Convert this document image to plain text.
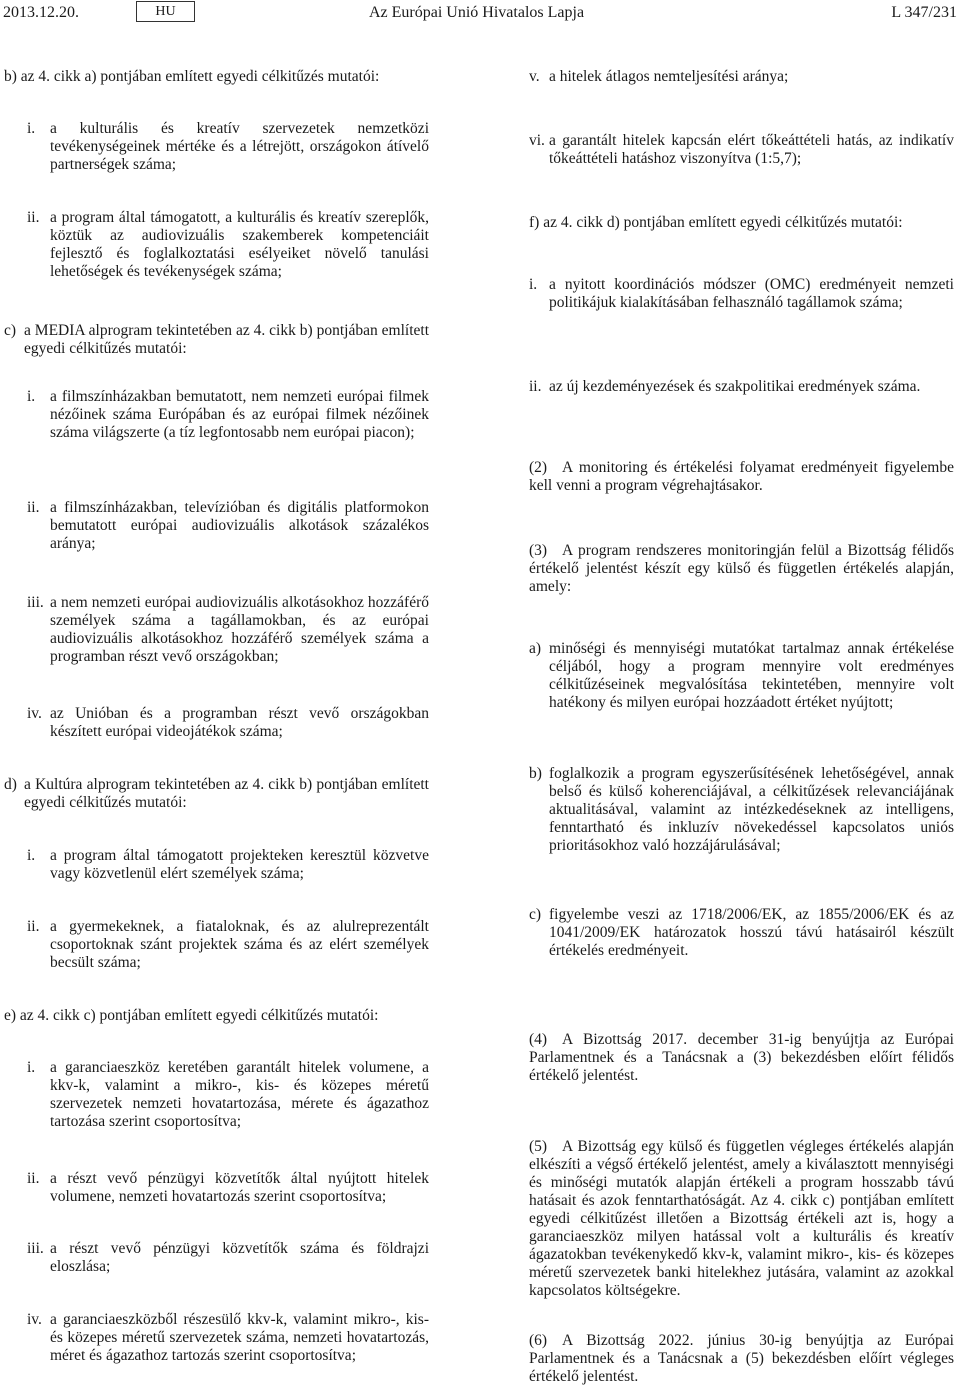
2013.12.20.	HU	Az Európai Unió Hivatalos Lapja	L 347/231
b) az 4. cikk a) pontjában említett egyedi célkitűzés mutatói:
i. a kulturális és kreatív szervezetek nemzetközi tevékenységeinek mértéke és a létrejött, országokon átívelő partnerségek száma;
ii. a program által támogatott, a kulturális és kreatív szereplők, köztük az audiovizuális szakemberek kompetenciáit fejlesztő és foglalkoztatási esélyeiket növelő tanulási lehetőségek és tevékenységek száma;
c) a MEDIA alprogram tekintetében az 4. cikk b) pontjában említett egyedi célkitűzés mutatói:
i. a filmszínházakban bemutatott, nem nemzeti európai filmek nézőinek száma Európában és az európai filmek nézőinek száma világszerte (a tíz legfontosabb nem európai piacon);
ii. a filmszínházakban, televízióban és digitális platformokon bemutatott európai audiovizuális alkotások százalékos aránya;
iii. a nem nemzeti európai audiovizuális alkotásokhoz hozzáférő személyek száma a tagállamokban, és az európai audiovizuális alkotásokhoz hozzáférő személyek száma a programban részt vevő országokban;
iv. az Unióban és a programban részt vevő országokban készített európai videojátékok száma;
d) a Kultúra alprogram tekintetében az 4. cikk b) pontjában említett egyedi célkitűzés mutatói:
i. a program által támogatott projekteken keresztül közvetve vagy közvetlenül elért személyek száma;
ii. a gyermekeknek, a fiataloknak, és az alulreprezentált csoportoknak szánt projektek száma és az elért személyek becsült száma;
e) az 4. cikk c) pontjában említett egyedi célkitűzés mutatói:
i. a garanciaeszköz keretében garantált hitelek volumene, a kkv-k, valamint a mikro-, kis- és közepes méretű szervezetek nemzeti hovatartozása, mérete és ágazathoz tartozása szerint csoportosítva;
ii. a részt vevő pénzügyi közvetítők által nyújtott hitelek volumene, nemzeti hovatartozás szerint csoportosítva;
iii. a részt vevő pénzügyi közvetítők száma és földrajzi eloszlása;
iv. a garanciaeszközből részesülő kkv-k, valamint mikro-, kis- és közepes méretű szervezetek száma, nemzeti hovatartozás, méret és ágazathoz tartozás szerint csoportosítva;
v. a hitelek átlagos nemteljesítési aránya;
vi. a garantált hitelek kapcsán elért tőkeáttételi hatás, az indikatív tőkeáttételi hatáshoz viszonyítva (1:5,7);
f) az 4. cikk d) pontjában említett egyedi célkitűzés mutatói:
i. a nyitott koordinációs módszer (OMC) eredményeit nemzeti politikájuk kialakításában felhasználó tagállamok száma;
ii. az új kezdeményezések és szakpolitikai eredmények száma.
(2) A monitoring és értékelési folyamat eredményeit figyelembe kell venni a program végrehajtásakor.
(3) A program rendszeres monitoringján felül a Bizottság félidős értékelő jelentést készít egy külső és független értékelés alapján, amely:
a) minőségi és mennyiségi mutatókat tartalmaz annak értékelése céljából, hogy a program mennyire volt eredményes célkitűzéseinek megvalósítása tekintetében, mennyire volt hatékony és milyen európai hozzáadott értéket nyújtott;
b) foglalkozik a program egyszerűsítésének lehetőségével, annak belső és külső koherenciájával, a célkitűzések relevanciájának aktualitásával, valamint az intézkedéseknek az intelligens, fenntartható és inkluzív növekedéssel kapcsolatos uniós prioritásokhoz való hozzájárulásával;
c) figyelembe veszi az 1718/2006/EK, az 1855/2006/EK és az 1041/2009/EK határozatok hosszú távú hatásairól készült értékelés eredményeit.
(4) A Bizottság 2017. december 31-ig benyújtja az Európai Parlamentnek és a Tanácsnak a (3) bekezdésben előírt félidős értékelő jelentést.
(5) A Bizottság egy külső és független végleges értékelés alapján elkészíti a végső értékelő jelentést, amely a kiválasztott mennyiségi és minőségi mutatók alapján értékeli a program hosszabb távú hatásait és azok fenntarthatóságát. Az 4. cikk c) pontjában említett egyedi célkitűzést illetően a Bizottság értékeli azt is, hogy a garanciaeszköz milyen hatással volt a kulturális és kreatív ágazatokban tevékenykedő kkv-k, valamint mikro-, kis- és közepes méretű szervezetek banki hitelekhez jutására, valamint az azokkal kapcsolatos költségekre.
(6) A Bizottság 2022. június 30-ig benyújtja az Európai Parlamentnek és a Tanácsnak a (5) bekezdésben előírt végleges értékelő jelentést.
